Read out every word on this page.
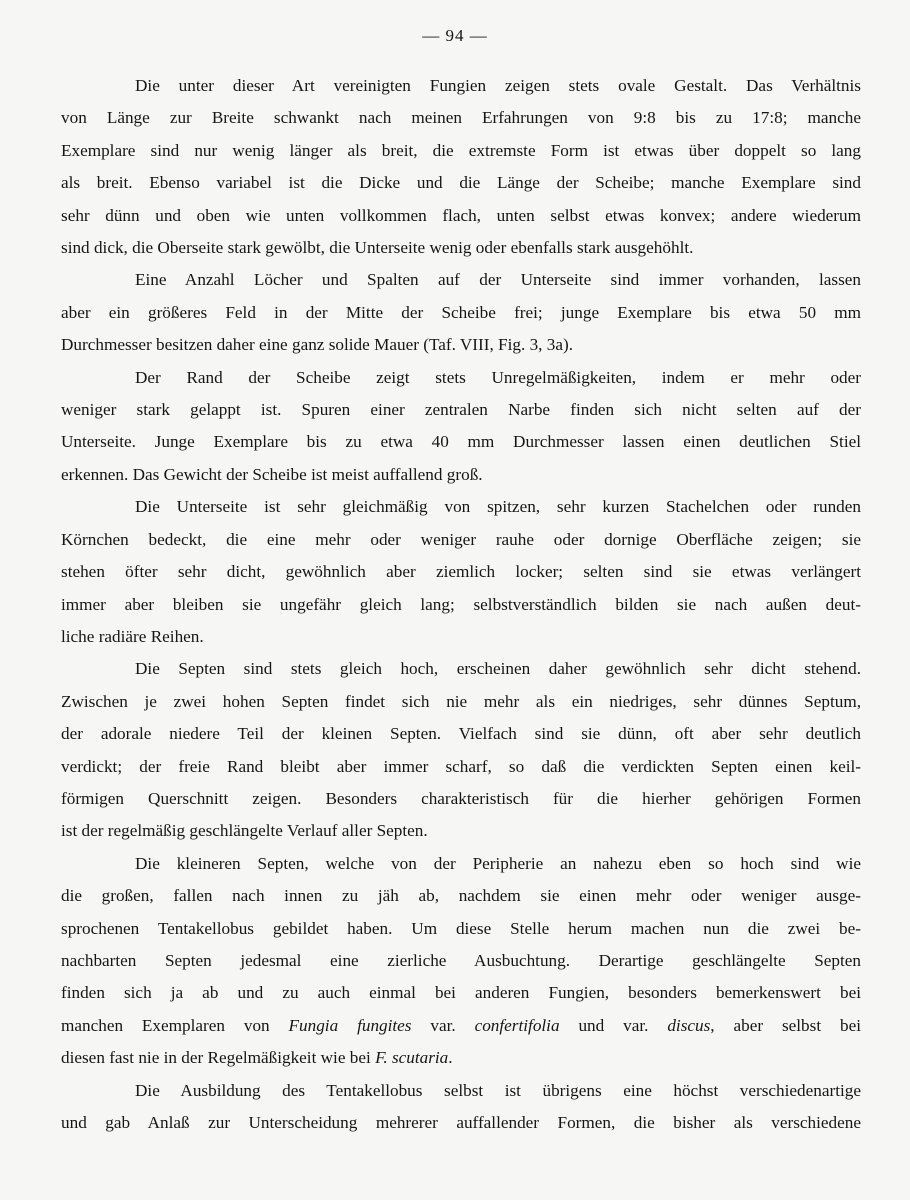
— 94 —

Die unter dieser Art vereinigten Fungien zeigen stets ovale Gestalt. Das Verhältnis
von Länge zur Breite schwankt nach meinen Erfahrungen von 9:8 bis zu 17:8; manche
Exemplare sind nur wenig länger als breit, die extremste Form ist etwas über doppelt so lang
als breit. Ebenso variabel ist die Dicke und die Länge der Scheibe; manche Exemplare sind
sehr dünn und oben wie unten vollkommen flach, unten selbst etwas konvex; andere wiederum
sind dick, die Oberseite stark gewölbt, die Unterseite wenig oder ebenfalls stark ausgehöhlt.

Eine Anzahl Löcher und Spalten auf der Unterseite sind immer vorhanden, lassen
aber ein größeres Feld in der Mitte der Scheibe frei; junge Exemplare bis etwa 50 mm
Durchmesser besitzen daher eine ganz solide Mauer (Taf. VIII, Fig. 3, 3a).

Der Rand der Scheibe zeigt stets Unregelmäßigkeiten, indem er mehr oder
weniger stark gelappt ist. Spuren einer zentralen Narbe finden sich nicht selten auf der
Unterseite. Junge Exemplare bis zu etwa 40 mm Durchmesser lassen einen deutlichen Stiel
erkennen. Das Gewicht der Scheibe ist meist auffallend groß.

Die Unterseite ist sehr gleichmäßig von spitzen, sehr kurzen Stachelchen oder runden
Körnchen bedeckt, die eine mehr oder weniger rauhe oder dornige Oberfläche zeigen; sie
stehen öfter sehr dicht, gewöhnlich aber ziemlich locker; selten sind sie etwas verlängert
immer aber bleiben sie ungefähr gleich lang; selbstverständlich bilden sie nach außen deut-
liche radiäre Reihen.

Die Septen sind stets gleich hoch, erscheinen daher gewöhnlich sehr dicht stehend.
Zwischen je zwei hohen Septen findet sich nie mehr als ein niedriges, sehr dünnes Septum,
der adorale niedere Teil der kleinen Septen. Vielfach sind sie dünn, oft aber sehr deutlich
verdickt; der freie Rand bleibt aber immer scharf, so daß die verdickten Septen einen keil-
förmigen Querschnitt zeigen. Besonders charakteristisch für die hierher gehörigen Formen
ist der regelmäßig geschlängelte Verlauf aller Septen.

Die kleineren Septen, welche von der Peripherie an nahezu eben so hoch sind wie
die großen, fallen nach innen zu jäh ab, nachdem sie einen mehr oder weniger ausge-
sprochenen Tentakellobus gebildet haben. Um diese Stelle herum machen nun die zwei be-
nachbarten Septen jedesmal eine zierliche Ausbuchtung. Derartige geschlängelte Septen
finden sich ja ab und zu auch einmal bei anderen Fungien, besonders bemerkenswert bei
manchen Exemplaren von Fungia fungites var. confertifolia und var. discus, aber selbst bei
diesen fast nie in der Regelmäßigkeit wie bei F. scutaria.

Die Ausbildung des Tentakellobus selbst ist übrigens eine höchst verschiedenartige
und gab Anlaß zur Unterscheidung mehrerer auffallender Formen, die bisher als verschiedene
